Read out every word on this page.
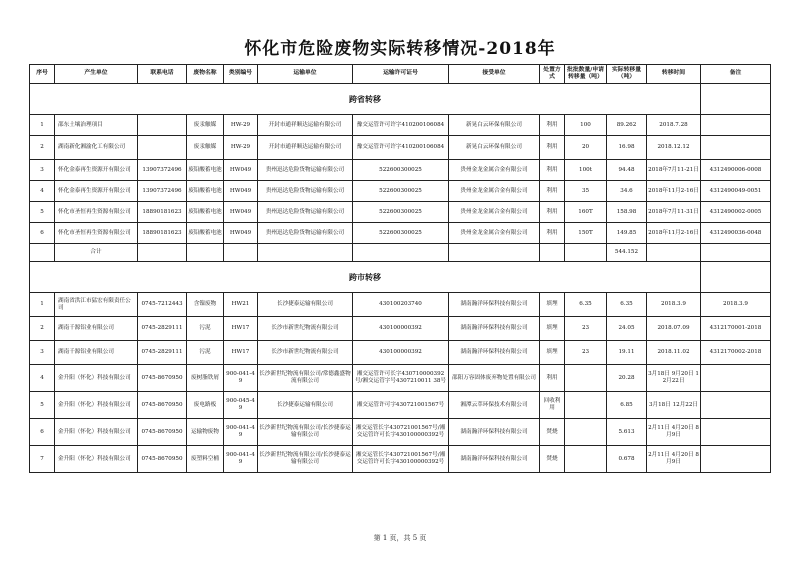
怀化市危险废物实际转移情况-2018年
序号	产生单位	联系电话	废物名称	类别编号	运输单位	运输许可证号	接受单位	处置方式	批批数量/申请转移量（吨）	实际转移量（吨）	转移时间	备注
跨省转移												
1	邵东土壤治理项目		废汞触媒	HW-29	开封市通祥顺达运输有限公司	豫交运管许可许字410200106084	新晃白云环保有限公司	利用	100	89.262	2018.7.28	
2	湖南新化湘渝化工有限公司		废汞触媒	HW-29	开封市通祥顺达运输有限公司	豫交运管许可许字410200106084	新晃白云环保有限公司	利用	20	16.98	2018.12.12	
3	怀化金泰再生资源开有限公司	13907372496	废铅酸蓄电池	HW049	贵州迅达危险货物运输有限公司	522600300025	贵州金龙金属合金有限公司	利用	100t	94.48	2018年7月11-21日	4312490006-0008
4	怀化金泰再生资源开有限公司	13907372496	废铅酸蓄电池	HW049	贵州迅达危险货物运输有限公司	522600300025	贵州金龙金属合金有限公司	利用	35	34.6	2018年11月2-16日	4312490049-0051
5	怀化市圣恒再生资源有限公司	18890181623	废铅酸蓄电池	HW049	贵州迅达危险货物运输有限公司	522600300025	贵州金龙金属合金有限公司	利用	160T	158.98	2018年7月11-31日	4312490002-0005
6	怀化市圣恒再生资源有限公司	18890181623	废铅酸蓄电池	HW049	贵州迅达危险货物运输有限公司	522600300025	贵州金龙金属合金有限公司	利用	150T	149.85	2018年11月2-16日	4312490036-0048
	合计									544.152		
跨市转移												
1	湖南省洪江市猛宏有限责任公司	0745-7212443	含镍废物	HW21	长沙捷泰运输有限公司	430100203740	湖南瀚洋环保科技有限公司	填埋	6.35	6.35	2018.3.9	2018.3.9
2	湖南千源铝业有限公司	0745-2829111	污泥	HW17	长沙市新世纪物流有限公司	430100000392	湖南瀚洋环保科技有限公司	填埋	23	24.05	2018.07.09	4312170001-2018
3	湖南千源铝业有限公司	0745-2829111	污泥	HW17	长沙市新世纪物流有限公司	430100000392	湖南瀚洋环保科技有限公司	填埋	23	19.11	2018.11.02	4312170002-2018
4	金升阳（怀化）科技有限公司	0745-8670950	废树脂铁屑	900-041-49	长沙新世纪物流有限公司/常德鑫盛物流有限公司	湘交运管许可长字430710000392号/湘交运管字号4307210011 38号	邵阳万容固体废弃物处置有限公司	利用		20.28	3月18日 9月20日 12月22日	
5	金升阳（怀化）科技有限公司	0745-8670950	废电路板	900-045-49	长沙捷泰运输有限公司	湘交运管许可字430721001567号	湘潭云萃环保技术有限公司	回收利用		6.85	3月18日 12月22日	
6	金升阳（怀化）科技有限公司	0745-8670950	运输物废物	900-041-49	长沙新世纪物流有限公司/长沙捷泰运输有限公司	湘交运管长字430721001567号/湘交运管许可长字430100000392号	湖南瀚洋环保科技有限公司	焚烧		5.613	2月11日 4月20日 8月9日	
7	金升阳（怀化）科技有限公司	0745-8670950	废塑料空桶	900-041-49	长沙新世纪物流有限公司/长沙捷泰运输有限公司	湘交运管长字430721001567号/湘交运管许可长字430100000392号	湖南瀚洋环保科技有限公司	焚烧		0.678	2月11日 4月20日 8月9日	
第 1 页，共 5 页
